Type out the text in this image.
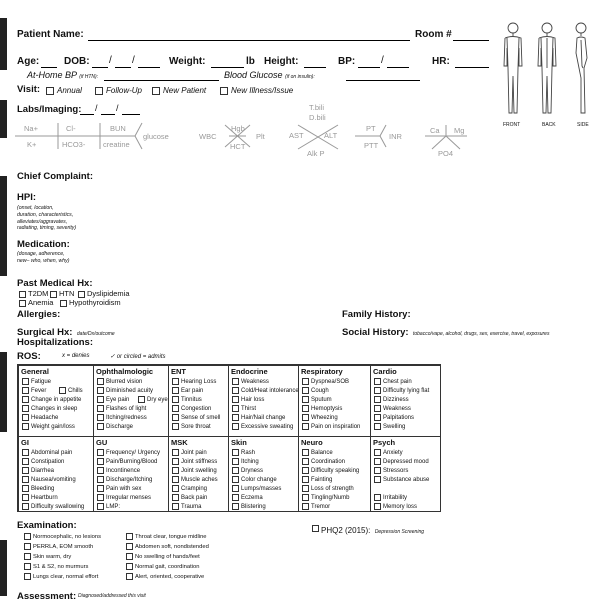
Patient Name:	Room #
Age: DOB: / /	Weight:	lb Height:	BP:	/	HR:
At-Home BP (if HTN):	Blood Glucose (if on insulin):
Visit:	Annual	Follow-Up	New Patient	New Illness/Issue
FRONT	BACK	SIDE
Labs/Imaging: / /
Na+	Cl-	BUN
K+	HCO3- creatine
glucose	WBC
Hgb
HCT
Plt
T.bili
D.bili
AST	ALT
Alk P
PT
PTT
INR
Ca Mg
PO4
Chief Complaint:
HPI:
(onset, location,
duration, characteristics,
alleviates/aggravates,
radiating, timing, severity)
Medication:
(dosage, adherence,
new– who, when, why)
Past Medical Hx:
T2DM	HTN	Dyslipidemia
Anemia	Hypothyroidism
Allergies:	Family History:
Surgical Hx: date/Dx/outcome	Social History: tobacco/vape, alcohol, drugs, sex, exercise, travel, exposures
Hospitalizations:
ROS:	x = denies	✓ or circled = admits
General
Fatigue
Fever
Change in appetite
Changes in sleep
Headache
Weight gain/loss
Chills
Ophthalmologic
Blurred vision
Diminished acuity
Eye pain
Flashes of light
Itching/redness
Discharge
Dry eye
ENT
Hearing Loss
Ear pain
Tinnitus
Congestion
Sense of smell
Sore throat
Endocrine
Weakness
Cold/Heat intolerance
Hair loss
Thirst
Hair/Nail change
Excessive sweating
Respiratory
Dyspnea/SOB
Cough
Sputum
Hemoptysis
Wheezing
Pain on inspiration
Cardio
Chest pain
Difficulty lying flat
Dizziness
Weakness
Palpitations
Swelling
GI
Abdominal pain
Constipation
Diarrhea
Nausea/vomiting
Bleeding
Heartburn
Difficulty swallowing
GU
Frequency/ Urgency
Pain/Burning/Blood
Incontinence
Discharge/Itching
Pain with sex
Irregular menses
LMP:
MSK
Joint pain
Joint stiffness
Joint swelling
Muscle aches
Cramping
Back pain
Trauma
Skin
Rash
Itching
Dryness
Color change
Lumps/masses
Eczema
Blistering
Neuro
Balance
Coordination
Difficulty speaking
Fainting
Loss of strength
Tingling/Numb
Tremor
Psych
Anxiety
Depressed mood
Stressors
Substance abuse
Irritability
Memory loss
Examination:	PHQ2 (2015): Depression Screening
Normocephalic, no lesions
PERRLA, EOM smooth
Skin warm, dry
S1 & S2, no murmurs
Lungs clear, normal effort
Throat clear, tongue midline
Abdomen soft, nondistended
No swelling of hands/feet
Normal gait, coordination
Alert, oriented, cooperative
Assessment: Diagnosed/addressed this visit
